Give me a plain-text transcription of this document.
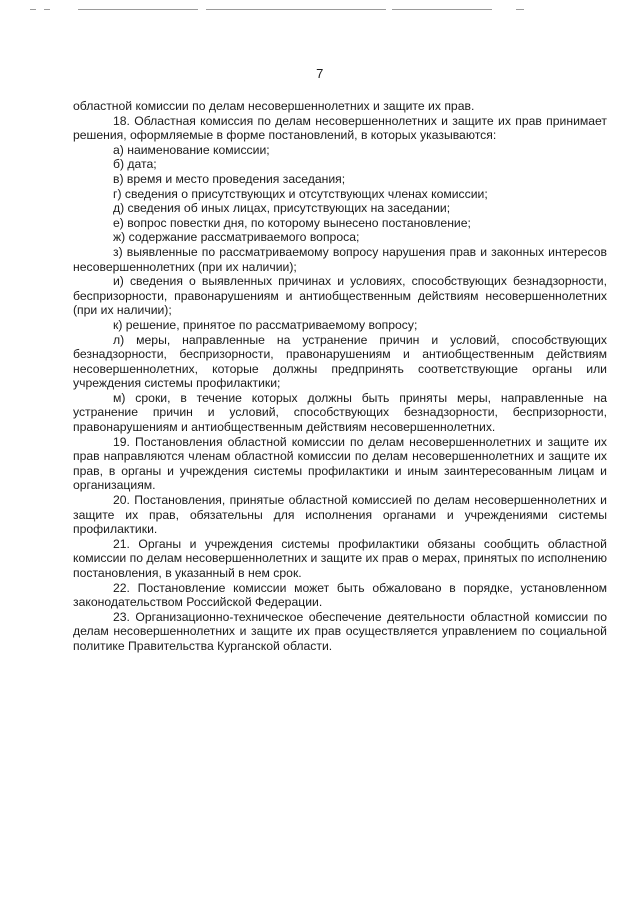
7

областной комиссии по делам несовершеннолетних и защите их прав.

18. Областная комиссия по делам несовершеннолетних и защите их прав принимает решения, оформляемые в форме постановлений, в которых указываются:

а) наименование комиссии;

б) дата;

в) время и место проведения заседания;

г) сведения о присутствующих и отсутствующих членах комиссии;

д) сведения об иных лицах, присутствующих на заседании;

е) вопрос повестки дня, по которому вынесено постановление;

ж) содержание рассматриваемого вопроса;

з) выявленные по рассматриваемому вопросу нарушения прав и законных интересов несовершеннолетних (при их наличии);

и) сведения о выявленных причинах и условиях, способствующих безнадзорности, беспризорности, правонарушениям и антиобщественным действиям несовершеннолетних (при их наличии);

к) решение, принятое по рассматриваемому вопросу;

л) меры, направленные на устранение причин и условий, способствующих безнадзорности, беспризорности, правонарушениям и антиобщественным действиям несовершеннолетних, которые должны предпринять соответствующие органы или учреждения системы профилактики;

м) сроки, в течение которых должны быть приняты меры, направленные на устранение причин и условий, способствующих безнадзорности, беспризорности, правонарушениям и антиобщественным действиям несовершеннолетних.

19. Постановления областной комиссии по делам несовершеннолетних и защите их прав направляются членам областной комиссии по делам несовершеннолетних и защите их прав, в органы и учреждения системы профилактики и иным заинтересованным лицам и организациям.

20. Постановления, принятые областной комиссией по делам несовершеннолетних и защите их прав, обязательны для исполнения органами и учреждениями системы профилактики.

21. Органы и учреждения системы профилактики обязаны сообщить областной комиссии по делам несовершеннолетних и защите их прав о мерах, принятых по исполнению постановления, в указанный в нем срок.

22. Постановление комиссии может быть обжаловано в порядке, установленном законодательством Российской Федерации.

23. Организационно-техническое обеспечение деятельности областной комиссии по делам несовершеннолетних и защите их прав осуществляется управлением по социальной политике Правительства Курганской области.
